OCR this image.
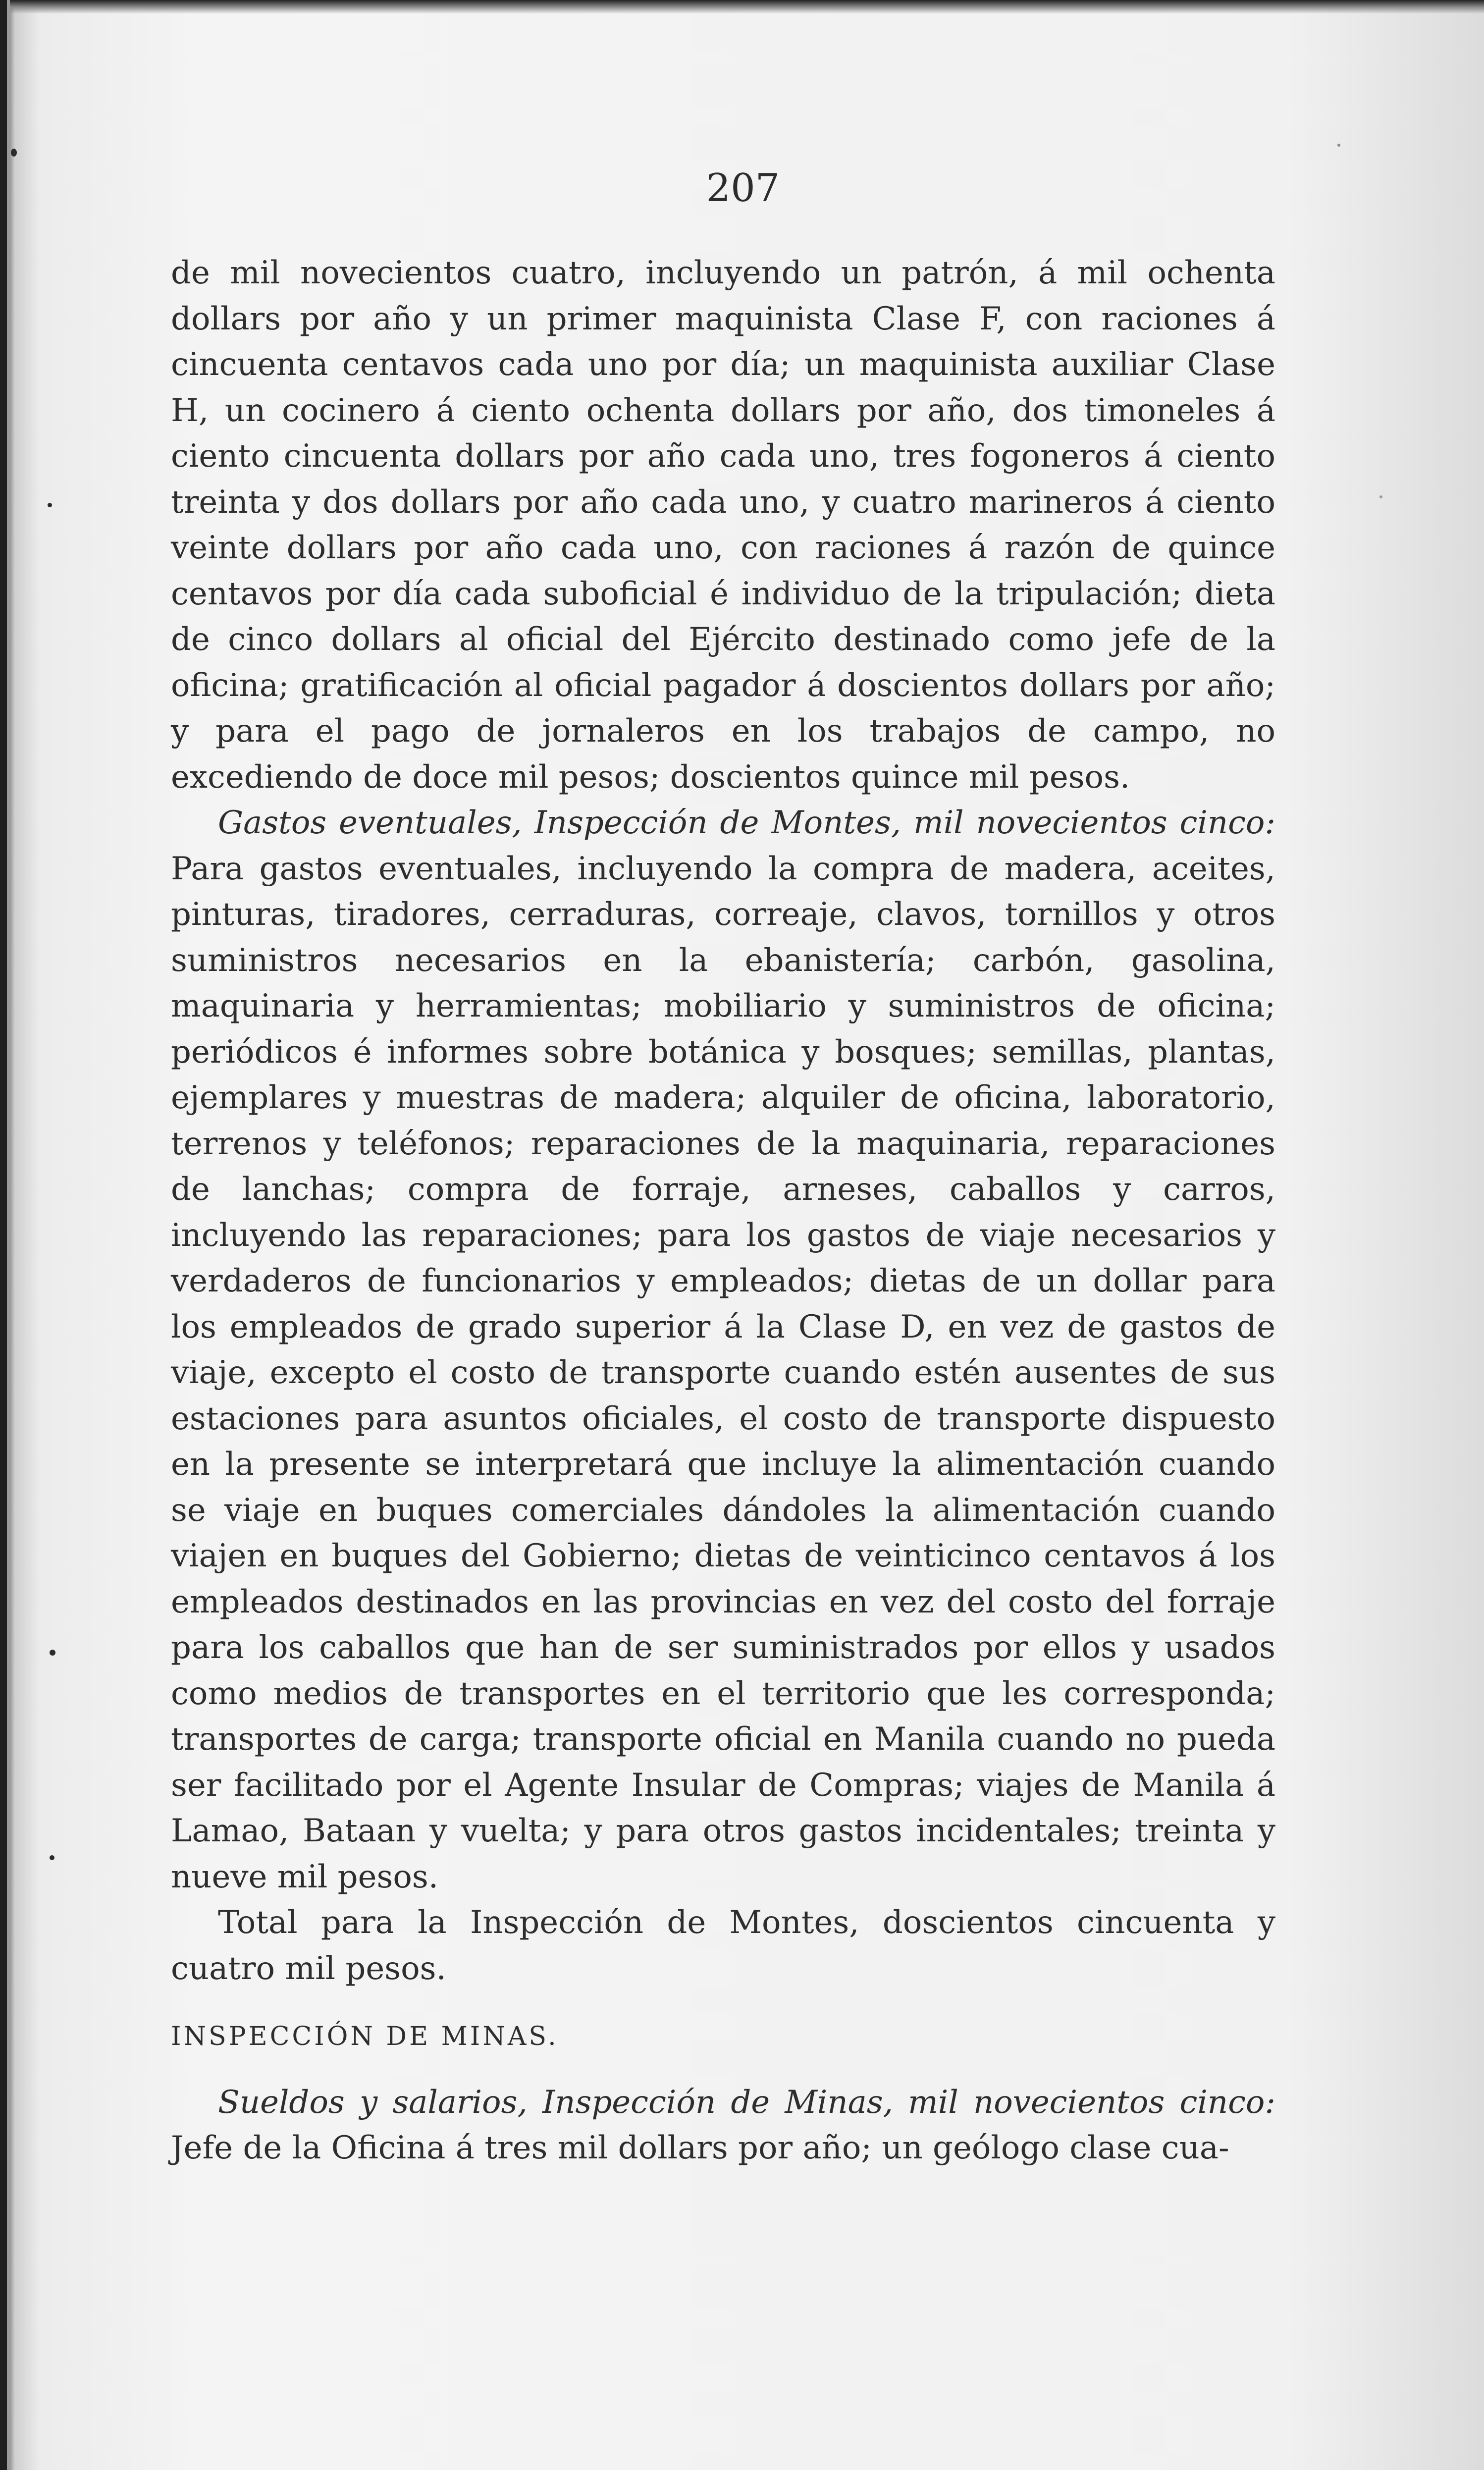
207

de mil novecientos cuatro, incluyendo un patrón, á mil ochenta dollars por año y un primer maquinista Clase F, con raciones á cincuenta centavos cada uno por día; un maquinista auxiliar Clase H, un cocinero á ciento ochenta dollars por año, dos timoneles á ciento cincuenta dollars por año cada uno, tres fogoneros á ciento treinta y dos dollars por año cada uno, y cuatro marineros á ciento veinte dollars por año cada uno, con raciones á razón de quince centavos por día cada suboficial é individuo de la tripulación; dieta de cinco dollars al oficial del Ejército destinado como jefe de la oficina; gratificación al oficial pagador á doscientos dollars por año; y para el pago de jornaleros en los trabajos de campo, no excediendo de doce mil pesos; doscientos quince mil pesos.

Gastos eventuales, Inspección de Montes, mil novecientos cinco: Para gastos eventuales, incluyendo la compra de madera, aceites, pinturas, tiradores, cerraduras, correaje, clavos, tornillos y otros suministros necesarios en la ebanistería; carbón, gasolina, maquinaria y herramientas; mobiliario y suministros de oficina; periódicos é informes sobre botánica y bosques; semillas, plantas, ejemplares y muestras de madera; alquiler de oficina, laboratorio, terrenos y teléfonos; reparaciones de la maquinaria, reparaciones de lanchas; compra de forraje, arneses, caballos y carros, incluyendo las reparaciones; para los gastos de viaje necesarios y verdaderos de funcionarios y empleados; dietas de un dollar para los empleados de grado superior á la Clase D, en vez de gastos de viaje, excepto el costo de transporte cuando estén ausentes de sus estaciones para asuntos oficiales, el costo de transporte dispuesto en la presente se interpretará que incluye la alimentación cuando se viaje en buques comerciales dándoles la alimentación cuando viajen en buques del Gobierno; dietas de veinticinco centavos á los empleados destinados en las provincias en vez del costo del forraje para los caballos que han de ser suministrados por ellos y usados como medios de transportes en el territorio que les corresponda; transportes de carga; transporte oficial en Manila cuando no pueda ser facilitado por el Agente Insular de Compras; viajes de Manila á Lamao, Bataan y vuelta; y para otros gastos incidentales; treinta y nueve mil pesos.

Total para la Inspección de Montes, doscientos cincuenta y cuatro mil pesos.

INSPECCIÓN DE MINAS.

Sueldos y salarios, Inspección de Minas, mil novecientos cinco: Jefe de la Oficina á tres mil dollars por año; un geólogo clase cua-
